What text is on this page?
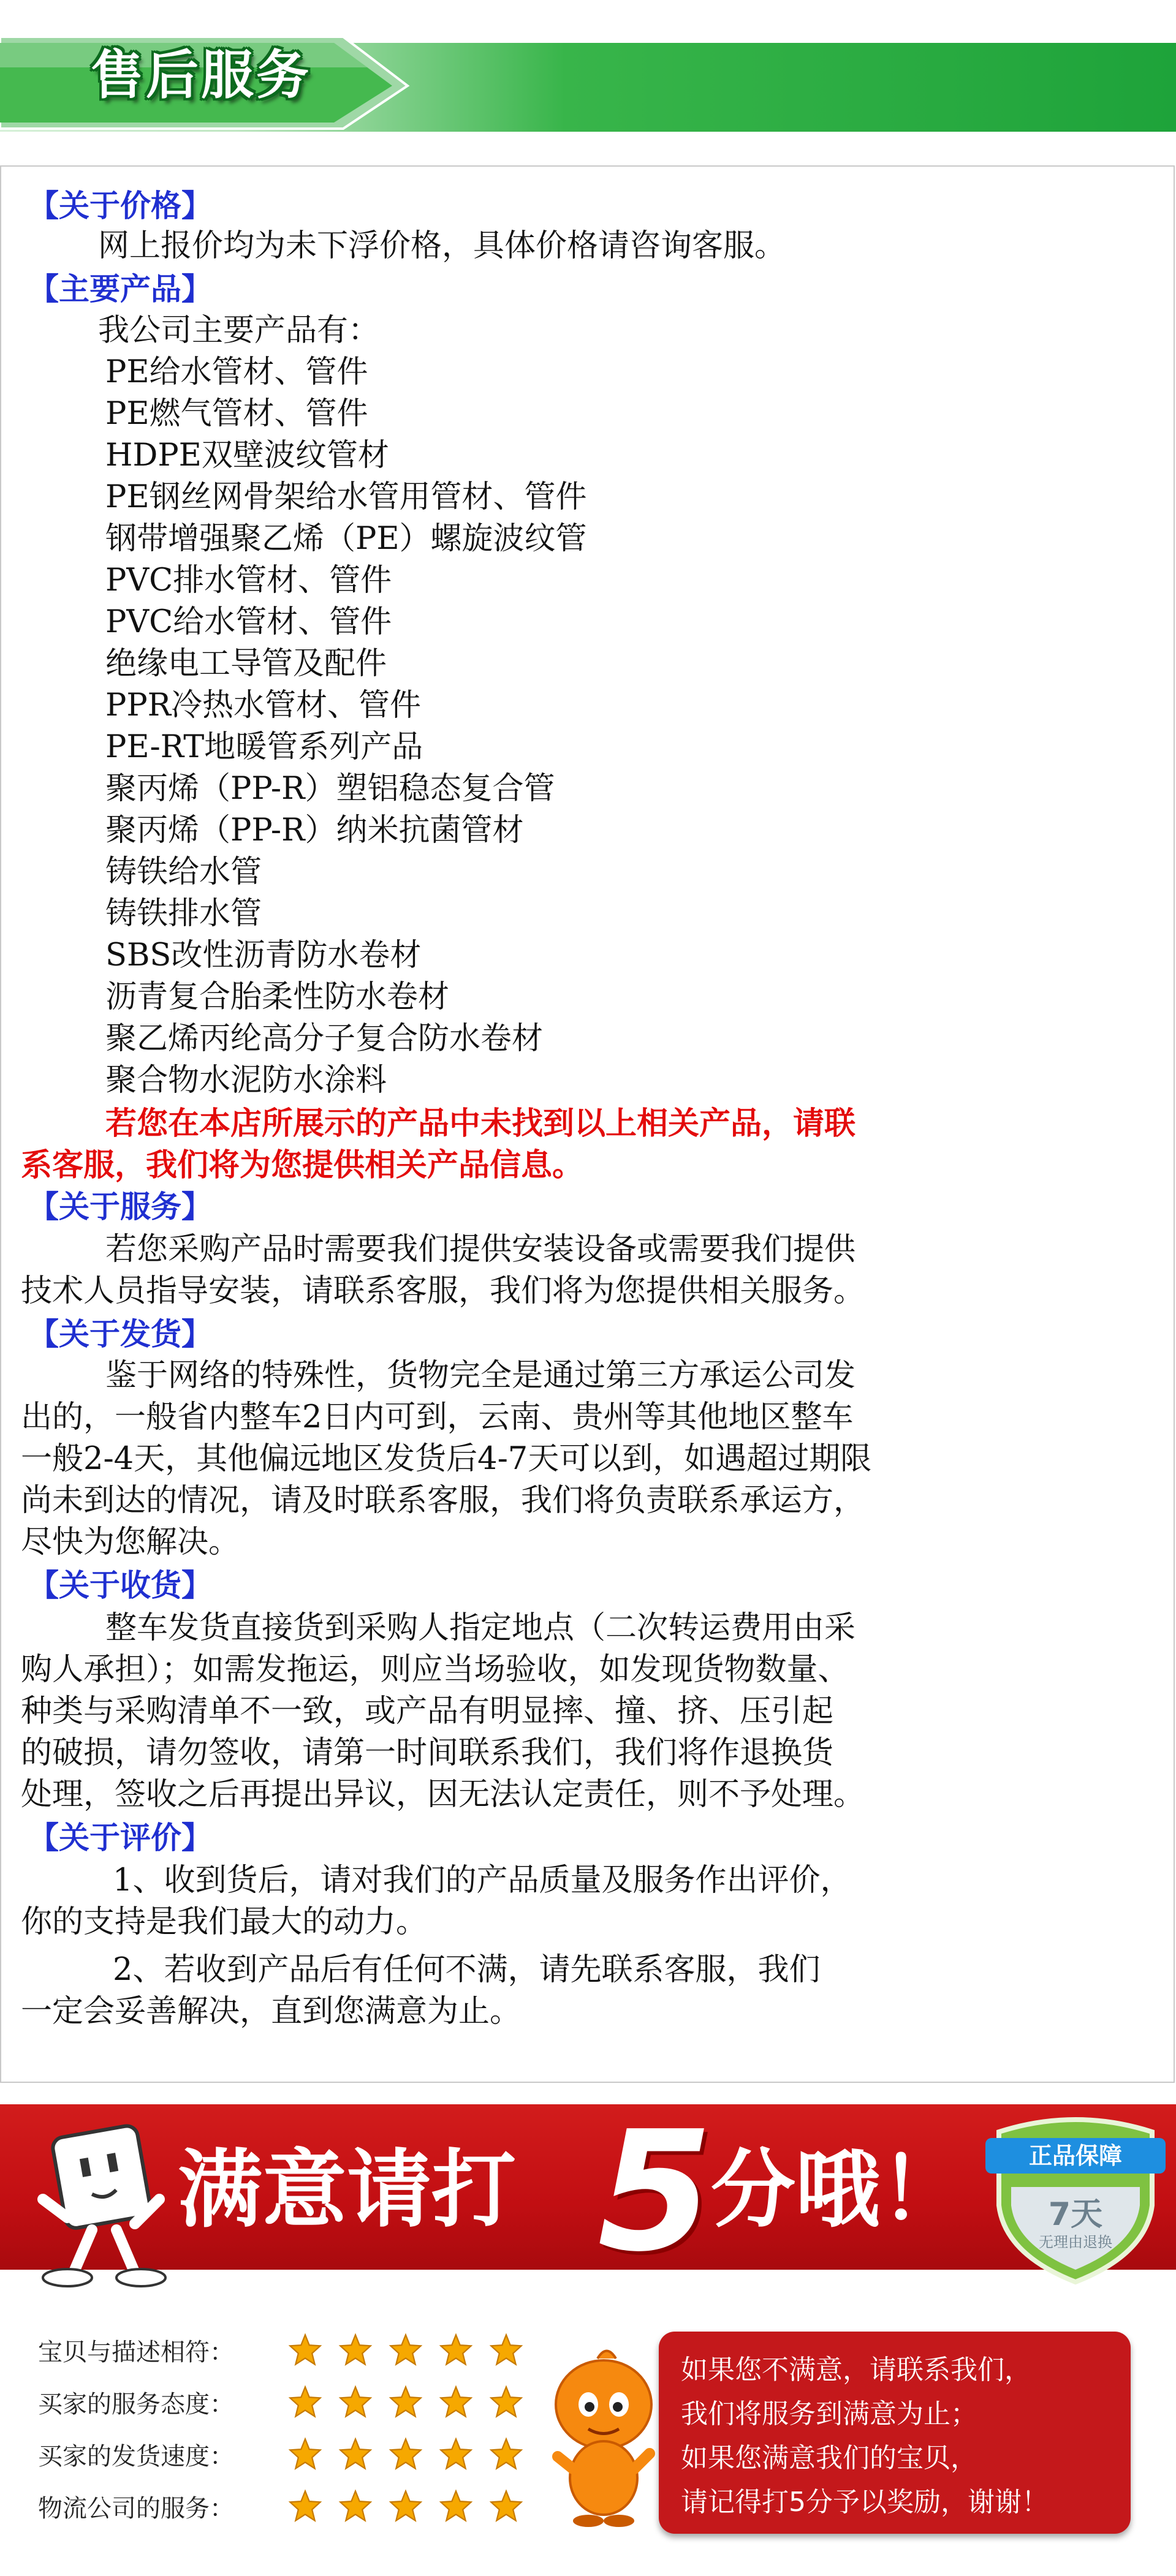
售后服务
【关于价格】
网上报价均为未下浮价格，具体价格请咨询客服。
【主要产品】
我公司主要产品有：
PE给水管材、管件
PE燃气管材、管件
HDPE双壁波纹管材
PE钢丝网骨架给水管用管材、管件
钢带增强聚乙烯（PE）螺旋波纹管
PVC排水管材、管件
PVC给水管材、管件
绝缘电工导管及配件
PPR冷热水管材、管件
PE-RT地暖管系列产品
聚丙烯（PP-R）塑铝稳态复合管
聚丙烯（PP-R）纳米抗菌管材
铸铁给水管
铸铁排水管
SBS改性沥青防水卷材
沥青复合胎柔性防水卷材
聚乙烯丙纶高分子复合防水卷材
聚合物水泥防水涂料
若您在本店所展示的产品中未找到以上相关产品，请联
系客服，我们将为您提供相关产品信息。
【关于服务】
若您采购产品时需要我们提供安装设备或需要我们提供
技术人员指导安装，请联系客服，我们将为您提供相关服务。
【关于发货】
鉴于网络的特殊性，货物完全是通过第三方承运公司发
出的，一般省内整车2日内可到，云南、贵州等其他地区整车
一般2-4天，其他偏远地区发货后4-7天可以到，如遇超过期限
尚未到达的情况，请及时联系客服，我们将负责联系承运方，
尽快为您解决。
【关于收货】
整车发货直接货到采购人指定地点（二次转运费用由采
购人承担）；如需发拖运，则应当场验收，如发现货物数量、
种类与采购清单不一致，或产品有明显摔、撞、挤、压引起
的破损，请勿签收，请第一时间联系我们，我们将作退换货
处理，签收之后再提出异议，因无法认定责任，则不予处理。
【关于评价】
1、收到货后，请对我们的产品质量及服务作出评价，
你的支持是我们最大的动力。
2、若收到产品后有任何不满，请先联系客服，我们
一定会妥善解决，直到您满意为止。
满意请打 5
分哦！	正品保障
7天
无理由退换
宝贝与描述相符：
买家的服务态度：
买家的发货速度：
物流公司的服务：
如果您不满意，请联系我们，
我们将服务到满意为止；
如果您满意我们的宝贝，
请记得打5分予以奖励，谢谢！
